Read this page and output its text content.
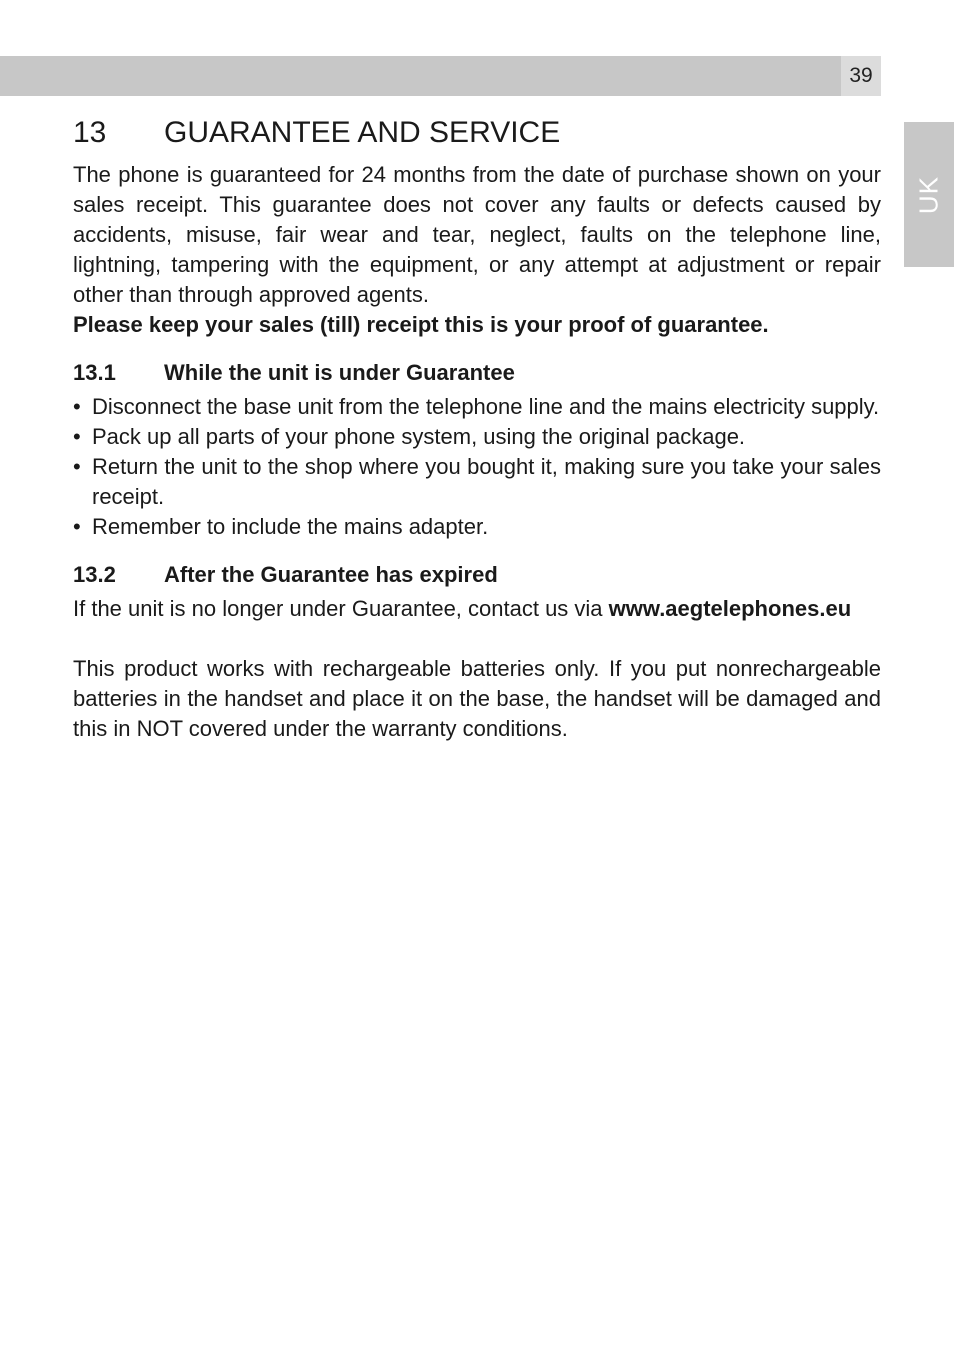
39
UK
13	GUARANTEE AND SERVICE

The phone is guaranteed for 24 months from the date of purchase shown on your sales receipt. This guarantee does not cover any faults or defects caused by accidents, misuse, fair wear and tear, neglect, faults on the telephone line, lightning, tampering with the equipment, or any attempt at adjustment or repair other than through approved agents.

Please keep your sales (till) receipt this is your proof of guarantee.

13.1	While the unit is under Guarantee
• Disconnect the base unit from the telephone line and the mains electricity supply.
• Pack up all parts of your phone system, using the original package.
• Return the unit to the shop where you bought it, making sure you take your sales receipt.
• Remember to include the mains adapter.
13.2	After the Guarantee has expired

If the unit is no longer under Guarantee, contact us via www.aegtelephones.eu

This product works with rechargeable batteries only. If you put nonrechargeable batteries in the handset and place it on the base, the handset will be damaged and this in NOT covered under the warranty conditions.
